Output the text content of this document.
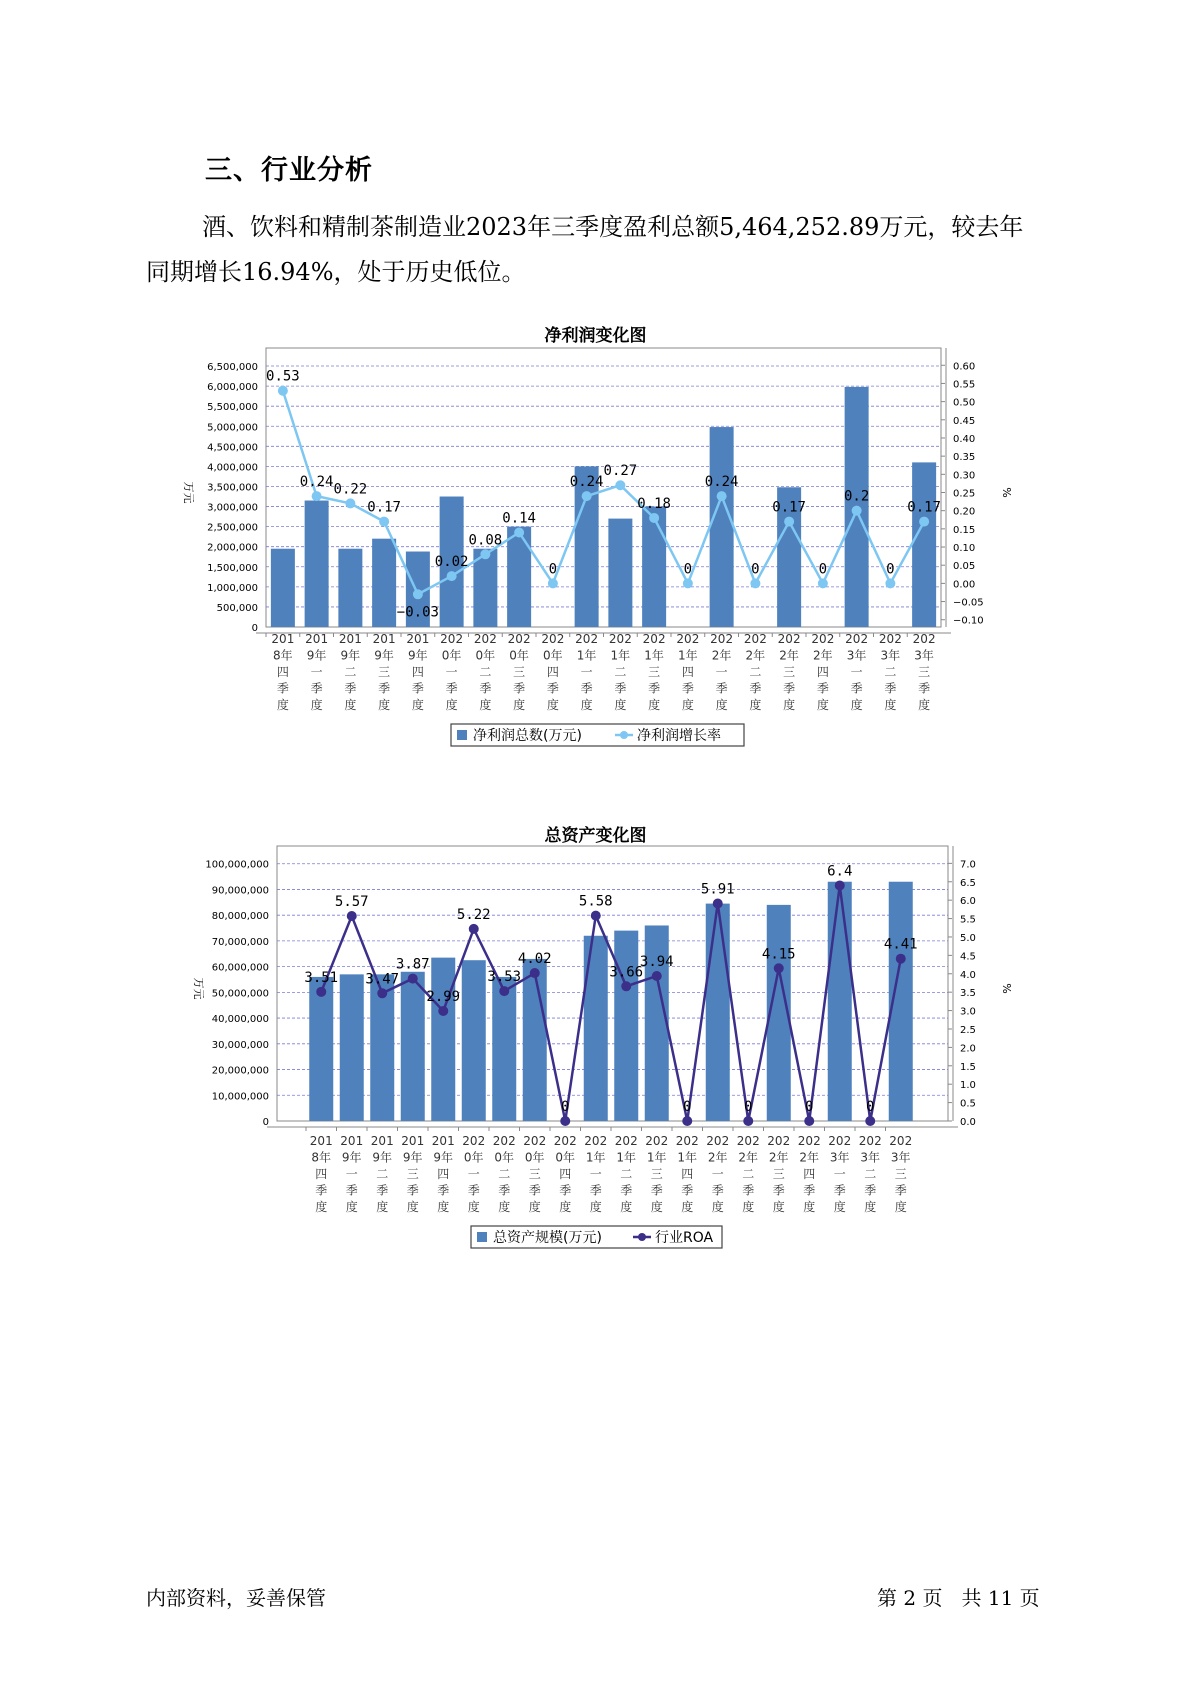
三、行业分析
酒、饮料和精制茶制造业2023年三季度盈利总额5,464,252.89万元，较去年同期增长16.94%，处于历史低位。
净利润变化图
0
500,000
1,000,000
1,500,000
2,000,000
2,500,000
3,000,000
3,500,000
4,000,000
4,500,000
5,000,000
5,500,000
6,000,000
6,500,000
−0.10
−0.05
0.00
0.05
0.10
0.15
0.20
0.25
0.30
0.35
0.40
0.45
0.50
0.55
0.60
万元	%
0.53
0.24 0.22
0.17
−0.03
0.02
0.08
0.14
0
0.24
0.27
0.18
0
0.24
0
0.17
0
0.2
0
0.17
201
8年
四
季
度
201
9年
一
季
度
201
9年
二
季
度
201
9年
三
季
度
201
9年
四
季
度
202
0年
一
季
度
202
0年
二
季
度
202
0年
三
季
度
202
0年
四
季
度
202
1年
一
季
度
202
1年
二
季
度
202
1年
三
季
度
202
1年
四
季
度
202
2年
一
季
度
202
2年
二
季
度
202
2年
三
季
度
202
2年
四
季
度
202
3年
一
季
度
202
3年
二
季
度
202
3年
三
季
度
净利润总数(万元)	净利润增长率
总资产变化图
0
10,000,000
20,000,000
30,000,000
40,000,000
50,000,000
60,000,000
70,000,000
80,000,000
90,000,000
100,000,000
0.0
0.5
1.0
1.5
2.0
2.5
3.0
3.5
4.0
4.5
5.0
5.5
6.0
6.5
7.0
万元	%
3.51
5.57
3.47
3.87
2.99
5.22
3.53
4.02
0
5.58
3.66
3.94
0
5.91
0
4.15
0
6.4
0
4.41
201
8年
四
季
度
201
9年
一
季
度
201
9年
二
季
度
201
9年
三
季
度
201
9年
四
季
度
202
0年
一
季
度
202
0年
二
季
度
202
0年
三
季
度
202
0年
四
季
度
202
1年
一
季
度
202
1年
二
季
度
202
1年
三
季
度
202
1年
四
季
度
202
2年
一
季
度
202
2年
二
季
度
202
2年
三
季
度
202
2年
四
季
度
202
3年
一
季
度
202
3年
二
季
度
202
3年
三
季
度
总资产规模(万元)	行业ROA
内部资料，妥善保管	第 2 页   共 11 页
